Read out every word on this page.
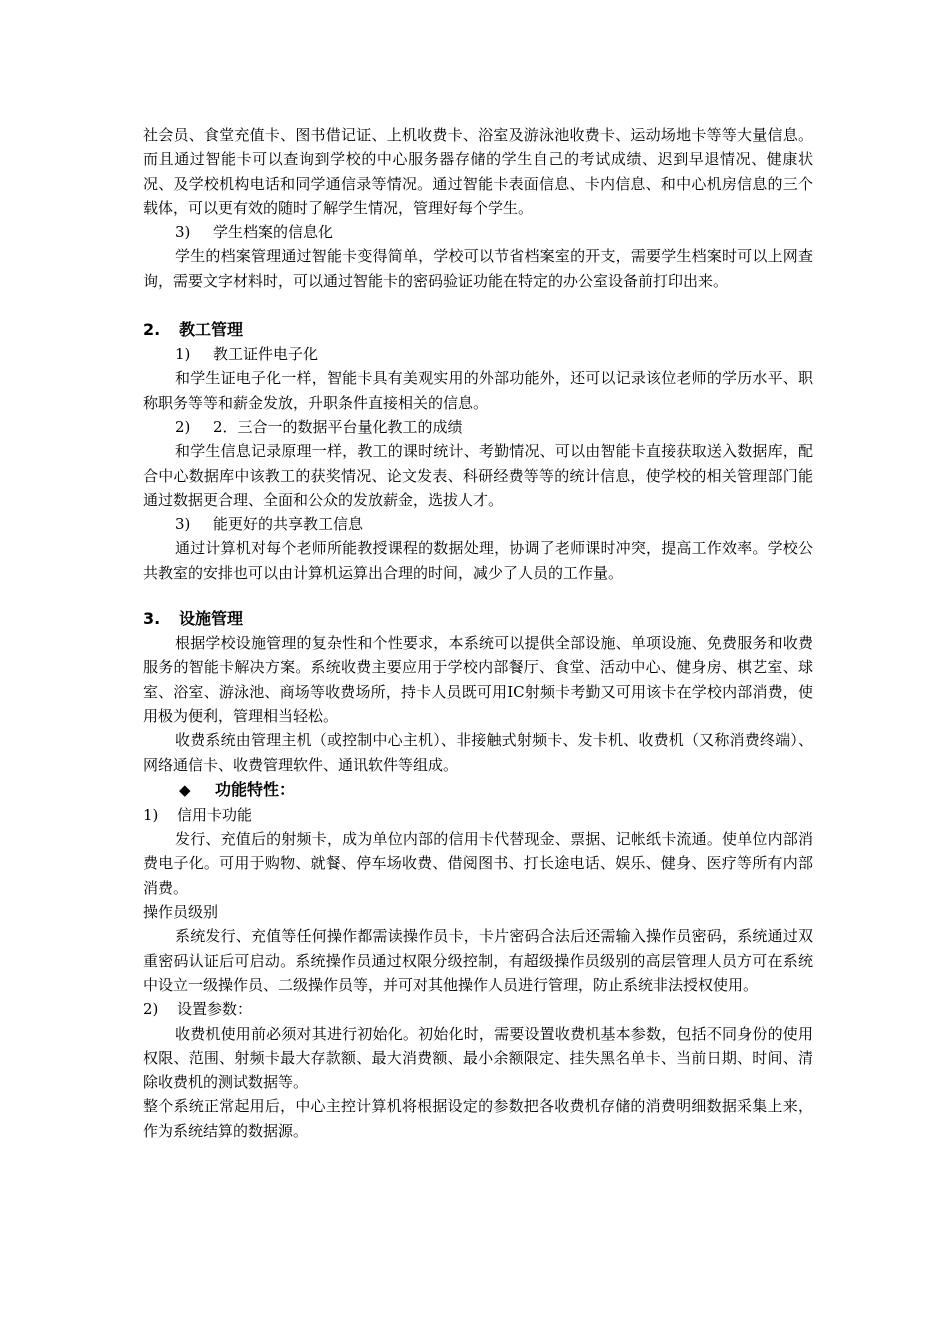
社会员、食堂充值卡、图书借记证、上机收费卡、浴室及游泳池收费卡、运动场地卡等等大量信息。而且通过智能卡可以查询到学校的中心服务器存储的学生自己的考试成绩、迟到早退情况、健康状况、及学校机构电话和同学通信录等情况。通过智能卡表面信息、卡内信息、和中心机房信息的三个载体，可以更有效的随时了解学生情况，管理好每个学生。

3) 学生档案的信息化

学生的档案管理通过智能卡变得简单，学校可以节省档案室的开支，需要学生档案时可以上网查询，需要文字材料时，可以通过智能卡的密码验证功能在特定的办公室设备前打印出来。

2. 教工管理

1) 教工证件电子化

和学生证电子化一样，智能卡具有美观实用的外部功能外，还可以记录该位老师的学历水平、职称职务等等和薪金发放，升职条件直接相关的信息。

2) 2．三合一的数据平台量化教工的成绩

和学生信息记录原理一样，教工的课时统计、考勤情况、可以由智能卡直接获取送入数据库，配合中心数据库中该教工的获奖情况、论文发表、科研经费等等的统计信息，使学校的相关管理部门能通过数据更合理、全面和公众的发放薪金，选拔人才。

3) 能更好的共享教工信息

通过计算机对每个老师所能教授课程的数据处理，协调了老师课时冲突，提高工作效率。学校公共教室的安排也可以由计算机运算出合理的时间，减少了人员的工作量。

3. 设施管理

根据学校设施管理的复杂性和个性要求，本系统可以提供全部设施、单项设施、免费服务和收费服务的智能卡解决方案。系统收费主要应用于学校内部餐厅、食堂、活动中心、健身房、棋艺室、球室、浴室、游泳池、商场等收费场所，持卡人员既可用IC射频卡考勤又可用该卡在学校内部消费，使用极为便利，管理相当轻松。

收费系统由管理主机（或控制中心主机）、非接触式射频卡、发卡机、收费机（又称消费终端）、网络通信卡、收费管理软件、通讯软件等组成。

◆ 功能特性：

1) 信用卡功能

发行、充值后的射频卡，成为单位内部的信用卡代替现金、票据、记帐纸卡流通。使单位内部消费电子化。可用于购物、就餐、停车场收费、借阅图书、打长途电话、娱乐、健身、医疗等所有内部消费。

操作员级别

系统发行、充值等任何操作都需读操作员卡，卡片密码合法后还需输入操作员密码，系统通过双重密码认证后可启动。系统操作员通过权限分级控制，有超级操作员级别的高层管理人员方可在系统中设立一级操作员、二级操作员等，并可对其他操作人员进行管理，防止系统非法授权使用。

2) 设置参数：

收费机使用前必须对其进行初始化。初始化时，需要设置收费机基本参数，包括不同身份的使用权限、范围、射频卡最大存款额、最大消费额、最小余额限定、挂失黑名单卡、当前日期、时间、清除收费机的测试数据等。

整个系统正常起用后，中心主控计算机将根据设定的参数把各收费机存储的消费明细数据采集上来，作为系统结算的数据源。
